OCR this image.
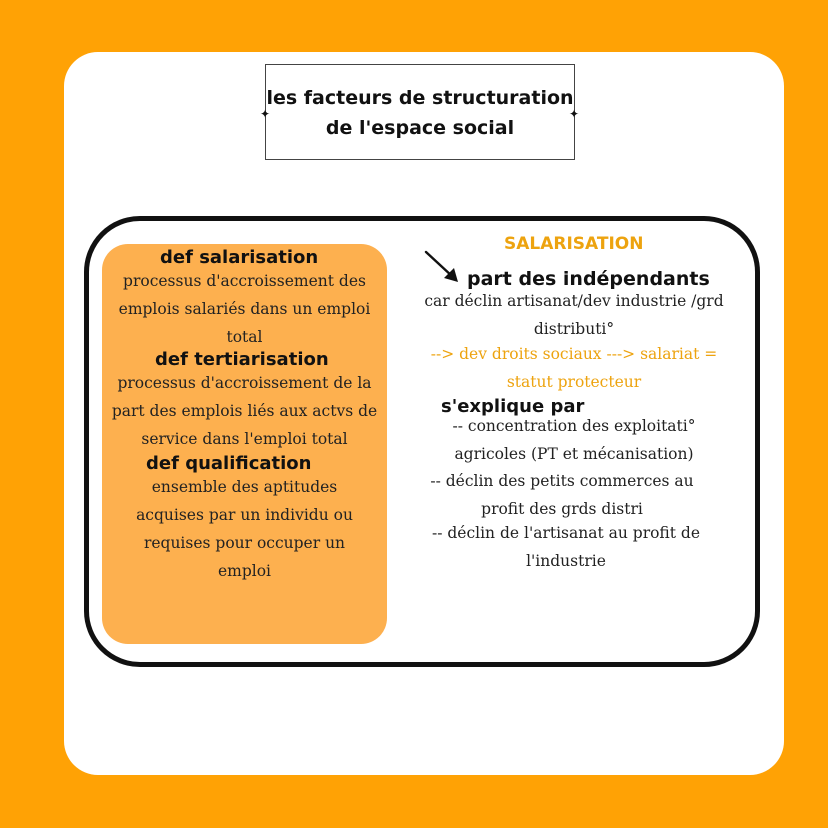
les facteurs de structuration
de l'espace social
✦	✦
def salarisation
processus d'accroissement des
emplois salariés dans un emploi
total
def tertiarisation
processus d'accroissement de la
part des emplois liés aux actvs de
service dans l'emploi total
def qualification
ensemble des aptitudes
acquises par un individu ou
requises pour occuper un
emploi
SALARISATION
part des indépendants
car déclin artisanat/dev industrie /grd
distributi°
--> dev droits sociaux ---> salariat =
statut protecteur
s'explique par
-- concentration des exploitati°
agricoles (PT et mécanisation)
-- déclin des petits commerces au
profit des grds distri
-- déclin de l'artisanat au profit de
l'industrie
